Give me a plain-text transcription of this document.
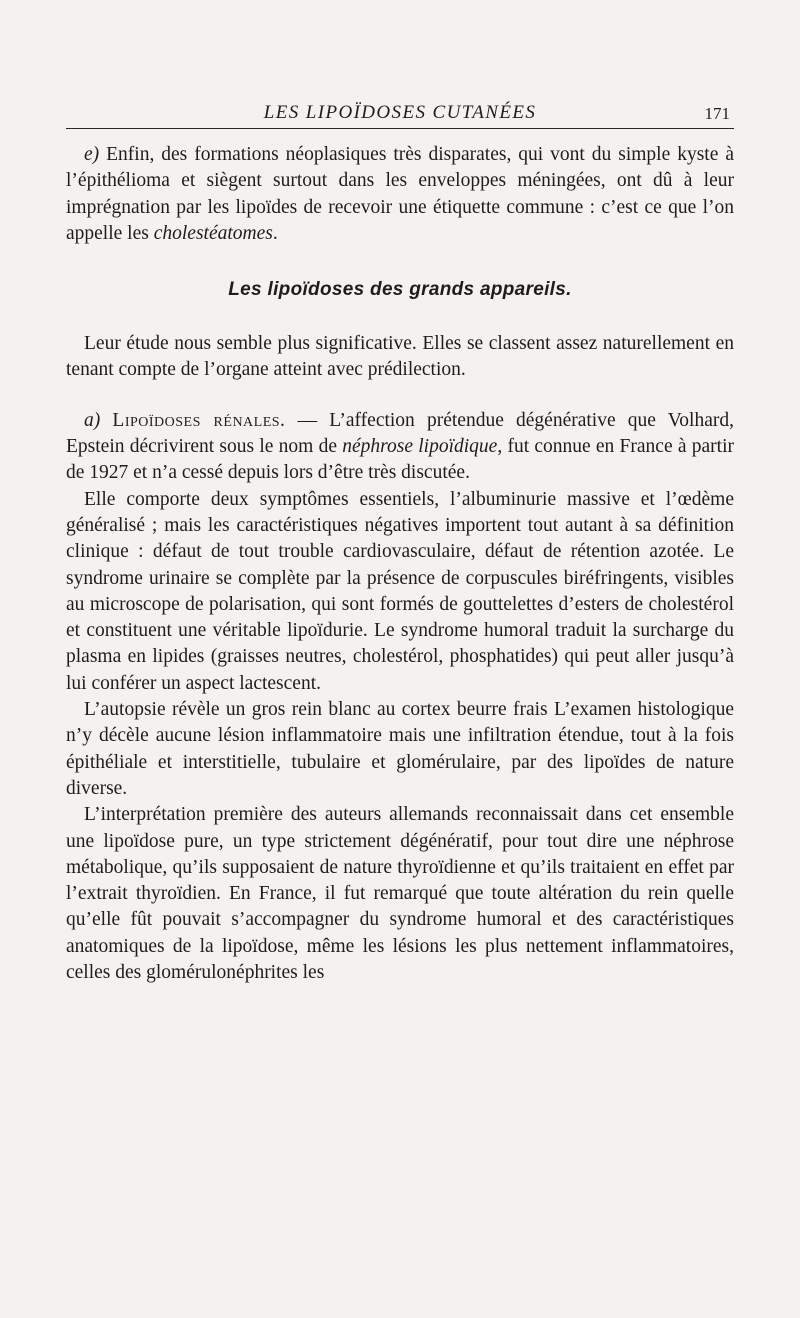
LES LIPOÏDOSES CUTANÉES	171

e) Enfin, des formations néoplasiques très disparates, qui vont du simple kyste à l’épithélioma et siègent surtout dans les enveloppes méningées, ont dû à leur imprégnation par les lipoïdes de recevoir une étiquette commune : c’est ce que l’on appelle les cholestéatomes.

Les lipoïdoses des grands appareils.

Leur étude nous semble plus significative. Elles se classent assez naturellement en tenant compte de l’organe atteint avec prédilection.

a) Lipoïdoses rénales. — L’affection prétendue dégénérative que Volhard, Epstein décrivirent sous le nom de néphrose lipoïdique, fut connue en France à partir de 1927 et n’a cessé depuis lors d’être très discutée.

Elle comporte deux symptômes essentiels, l’albuminurie massive et l’œdème généralisé ; mais les caractéristiques négatives importent tout autant à sa définition clinique : défaut de tout trouble cardiovasculaire, défaut de rétention azotée. Le syndrome urinaire se complète par la présence de corpuscules biréfringents, visibles au microscope de polarisation, qui sont formés de gouttelettes d’esters de cholestérol et constituent une véritable lipoïdurie. Le syndrome humoral traduit la surcharge du plasma en lipides (graisses neutres, cholestérol, phosphatides) qui peut aller jusqu’à lui conférer un aspect lactescent.

L’autopsie révèle un gros rein blanc au cortex beurre frais L’examen histologique n’y décèle aucune lésion inflammatoire mais une infiltration étendue, tout à la fois épithéliale et interstitielle, tubulaire et glomérulaire, par des lipoïdes de nature diverse.

L’interprétation première des auteurs allemands reconnaissait dans cet ensemble une lipoïdose pure, un type strictement dégénératif, pour tout dire une néphrose métabolique, qu’ils supposaient de nature thyroïdienne et qu’ils traitaient en effet par l’extrait thyroïdien. En France, il fut remarqué que toute altération du rein quelle qu’elle fût pouvait s’accompagner du syndrome humoral et des caractéristiques anatomiques de la lipoïdose, même les lésions les plus nettement inflammatoires, celles des glomérulonéphrites les
